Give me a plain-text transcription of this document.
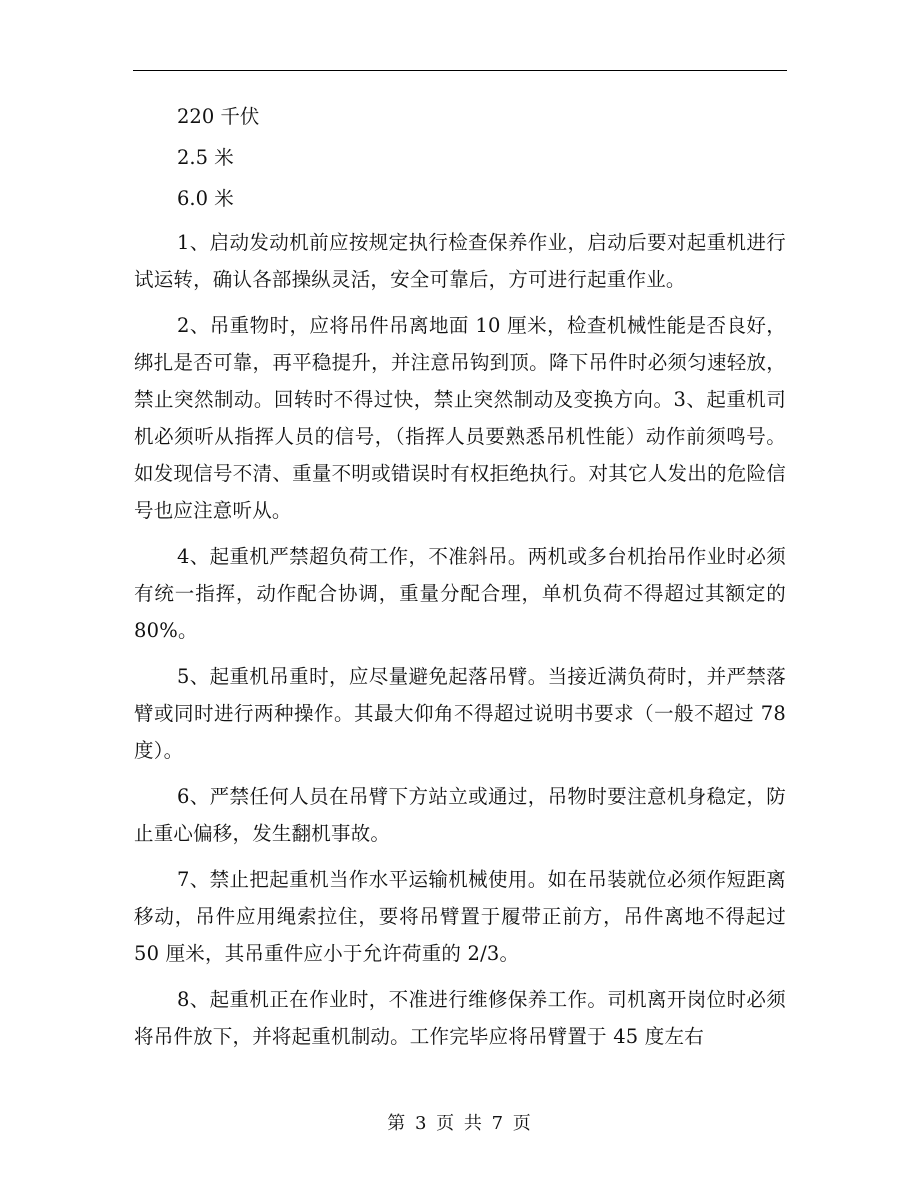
220 千伏

2.5 米

6.0 米

1、启动发动机前应按规定执行检查保养作业，启动后要对起重机进行试运转，确认各部操纵灵活，安全可靠后，方可进行起重作业。

2、吊重物时，应将吊件吊离地面 10 厘米，检查机械性能是否良好，绑扎是否可靠，再平稳提升，并注意吊钩到顶。降下吊件时必须匀速轻放，禁止突然制动。回转时不得过快，禁止突然制动及变换方向。3、起重机司机必须听从指挥人员的信号，（指挥人员要熟悉吊机性能）动作前须鸣号。如发现信号不清、重量不明或错误时有权拒绝执行。对其它人发出的危险信号也应注意听从。

4、起重机严禁超负荷工作，不准斜吊。两机或多台机抬吊作业时必须有统一指挥，动作配合协调，重量分配合理，单机负荷不得超过其额定的 80%。

5、起重机吊重时，应尽量避免起落吊臂。当接近满负荷时，并严禁落臂或同时进行两种操作。其最大仰角不得超过说明书要求（一般不超过 78 度）。

6、严禁任何人员在吊臂下方站立或通过，吊物时要注意机身稳定，防止重心偏移，发生翻机事故。

7、禁止把起重机当作水平运输机械使用。如在吊装就位必须作短距离移动，吊件应用绳索拉住，要将吊臂置于履带正前方，吊件离地不得起过 50 厘米，其吊重件应小于允许荷重的 2/3。

8、起重机正在作业时，不准进行维修保养工作。司机离开岗位时必须将吊件放下，并将起重机制动。工作完毕应将吊臂置于 45 度左右

第 3 页 共 7 页
